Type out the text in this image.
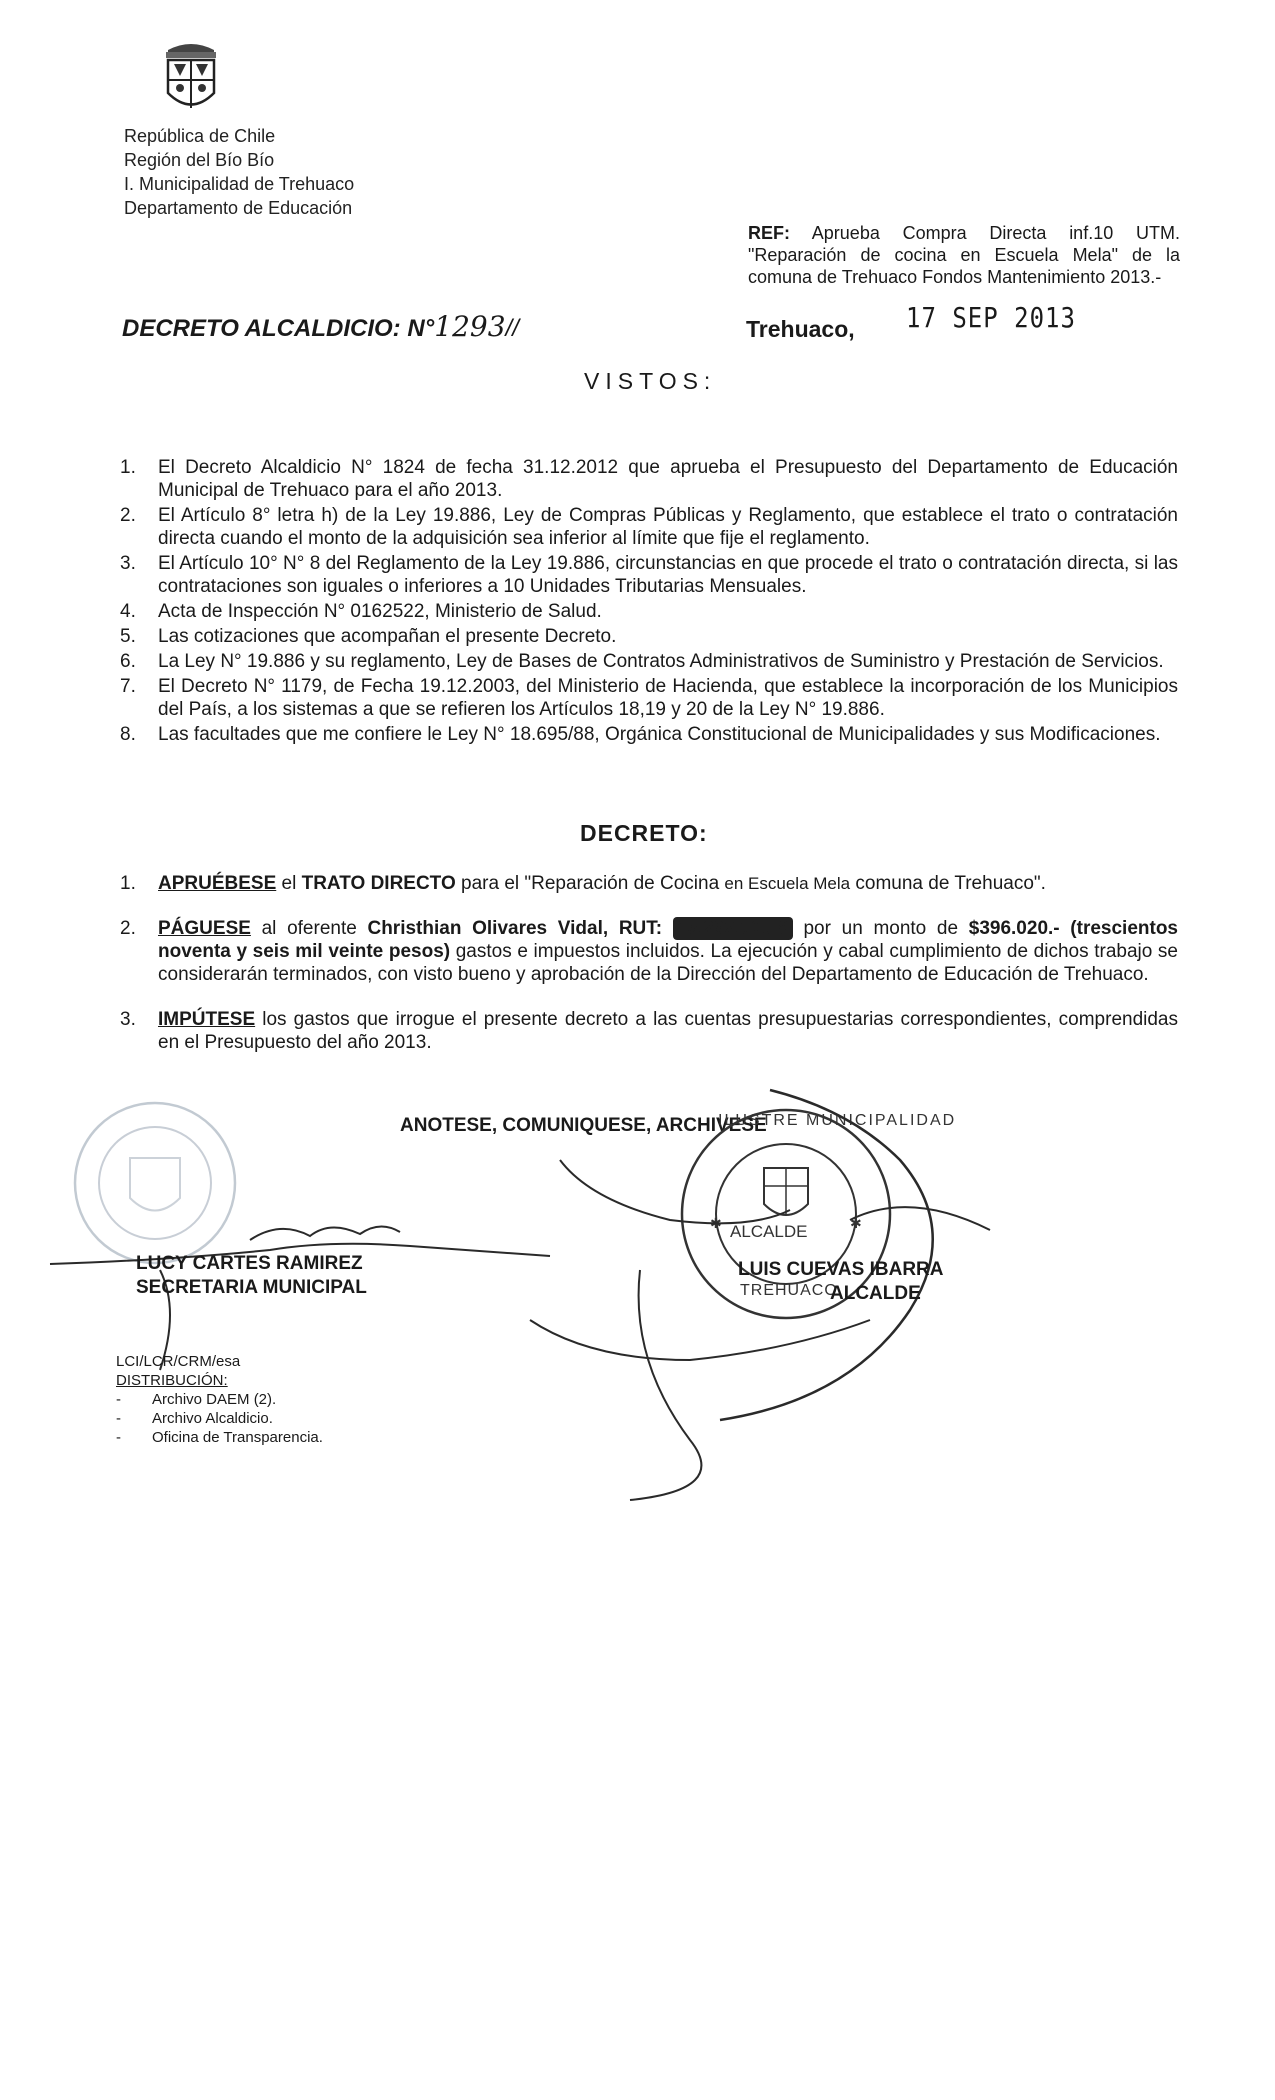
República de Chile
Región del Bío Bío
I. Municipalidad de Trehuaco
Departamento de Educación
REF: Aprueba Compra Directa inf.10 UTM.
"Reparación de cocina en Escuela Mela" de la
comuna de Trehuaco Fondos Mantenimiento 2013.-
DECRETO ALCALDICIO: N°1293//	Trehuaco, 17 SEP 2013
VISTOS:
1. El Decreto Alcaldicio N° 1824 de fecha 31.12.2012 que aprueba el Presupuesto del Departamento de Educación Municipal de Trehuaco para el año 2013.
2. El Artículo 8° letra h) de la Ley 19.886, Ley de Compras Públicas y Reglamento, que establece el trato o contratación directa cuando el monto de la adquisición sea inferior al límite que fije el reglamento.
3. El Artículo 10° N° 8 del Reglamento de la Ley 19.886, circunstancias en que procede el trato o contratación directa, si las contrataciones son iguales o inferiores a 10 Unidades Tributarias Mensuales.
4. Acta de Inspección N° 0162522, Ministerio de Salud.
5. Las cotizaciones que acompañan el presente Decreto.
6. La Ley N° 19.886 y su reglamento, Ley de Bases de Contratos Administrativos de Suministro y Prestación de Servicios.
7. El Decreto N° 1179, de Fecha 19.12.2003, del Ministerio de Hacienda, que establece la incorporación de los Municipios del País, a los sistemas a que se refieren los Artículos 18,19 y 20 de la Ley N° 19.886.
8. Las facultades que me confiere le Ley N° 18.695/88, Orgánica Constitucional de Municipalidades y sus Modificaciones.
DECRETO:
1. APRUÉBESE el TRATO DIRECTO para el "Reparación de Cocina en Escuela Mela comuna de Trehuaco".
2. PÁGUESE al oferente Christhian Olivares Vidal, RUT: 15.292.000-8 por un monto de $396.020.- (trescientos noventa y seis mil veinte pesos) gastos e impuestos incluidos. La ejecución y cabal cumplimiento de dichos trabajo se considerarán terminados, con visto bueno y aprobación de la Dirección del Departamento de Educación de Trehuaco.
3. IMPÚTESE los gastos que irrogue el presente decreto a las cuentas presupuestarias correspondientes, comprendidas en el Presupuesto del año 2013.
ANOTESE, COMUNIQUESE, ARCHIVESE
✱	✱
ILUSTRE MUNICIPALIDAD
ALCALDE
TREHUACO
LUCY CARTES RAMIREZ
SECRETARIA MUNICIPAL
LUIS CUEVAS IBARRA
ALCALDE
LCI/LCR/CRM/esa
DISTRIBUCIÓN:
- Archivo DAEM (2).
- Archivo Alcaldicio.
- Oficina de Transparencia.
